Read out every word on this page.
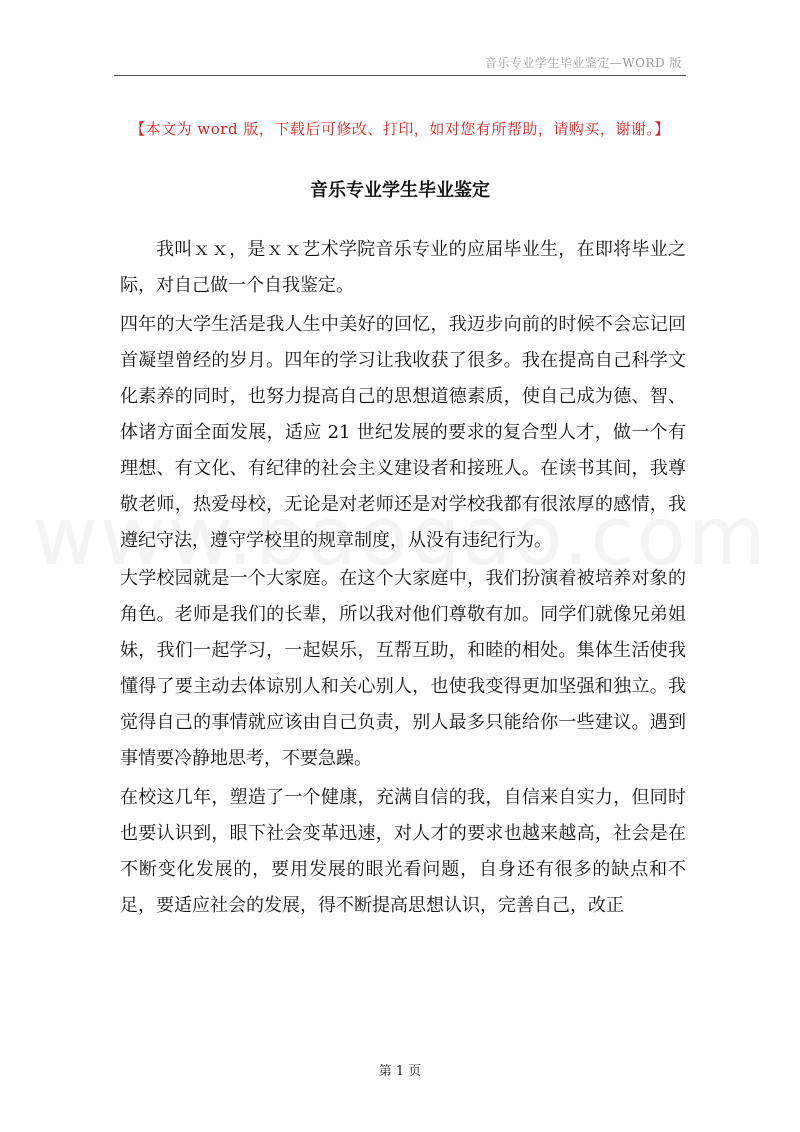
音乐专业学生毕业鉴定—WORD 版
【本文为 word 版，下载后可修改、打印，如对您有所帮助，请购买，谢谢。】
音乐专业学生毕业鉴定

我叫ｘｘ，是ｘｘ艺术学院音乐专业的应届毕业生，在即将毕业之际，对自己做一个自我鉴定。

四年的大学生活是我人生中美好的回忆，我迈步向前的时候不会忘记回首凝望曾经的岁月。四年的学习让我收获了很多。我在提高自己科学文化素养的同时，也努力提高自己的思想道德素质，使自己成为德、智、体诸方面全面发展，适应 21 世纪发展的要求的复合型人才，做一个有理想、有文化、有纪律的社会主义建设者和接班人。在读书其间，我尊敬老师，热爱母校，无论是对老师还是对学校我都有很浓厚的感情，我遵纪守法，遵守学校里的规章制度，从没有违纪行为。

大学校园就是一个大家庭。在这个大家庭中，我们扮演着被培养对象的角色。老师是我们的长辈，所以我对他们尊敬有加。同学们就像兄弟姐妹，我们一起学习，一起娱乐，互帮互助，和睦的相处。集体生活使我懂得了要主动去体谅别人和关心别人，也使我变得更加坚强和独立。我觉得自己的事情就应该由自己负责，别人最多只能给你一些建议。遇到事情要冷静地思考，不要急躁。

在校这几年，塑造了一个健康，充满自信的我，自信来自实力，但同时也要认识到，眼下社会变革迅速，对人才的要求也越来越高，社会是在不断变化发展的，要用发展的眼光看问题，自身还有很多的缺点和不足，要适应社会的发展，得不断提高思想认识，完善自己，改正

第 1 页
